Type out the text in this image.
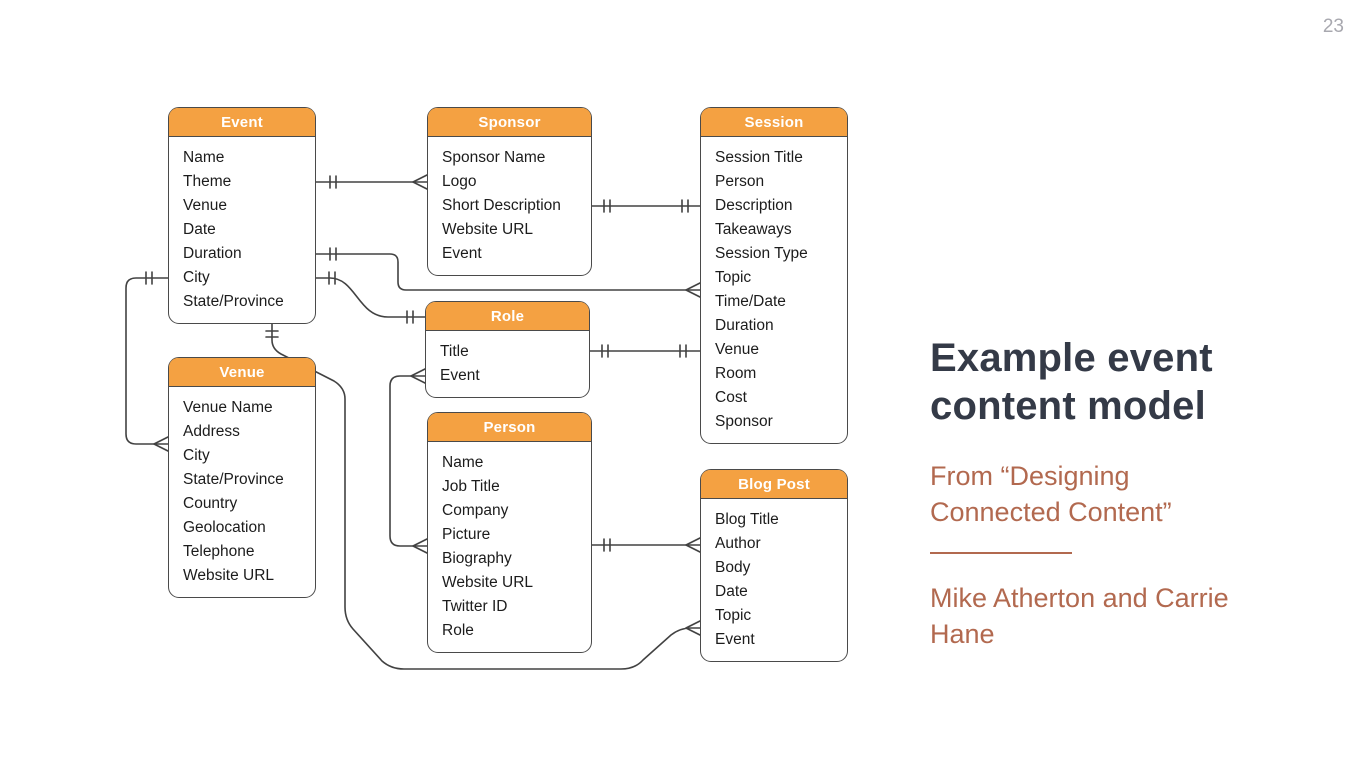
23
Event
Name
Theme
Venue
Date
Duration
City
State/Province
Sponsor
Sponsor Name
Logo
Short Description
Website URL
Event
Session
Session Title
Person
Description
Takeaways
Session Type
Topic
Time/Date
Duration
Venue
Room
Cost
Sponsor
Venue
Venue Name
Address
City
State/Province
Country
Geolocation
Telephone
Website URL
Role
Title
Event
Person
Name
Job Title
Company
Picture
Biography
Website URL
Twitter ID
Role
Blog Post
Blog Title
Author
Body
Date
Topic
Event
Example event content model
From “Designing Connected Content”
Mike Atherton and Carrie Hane
